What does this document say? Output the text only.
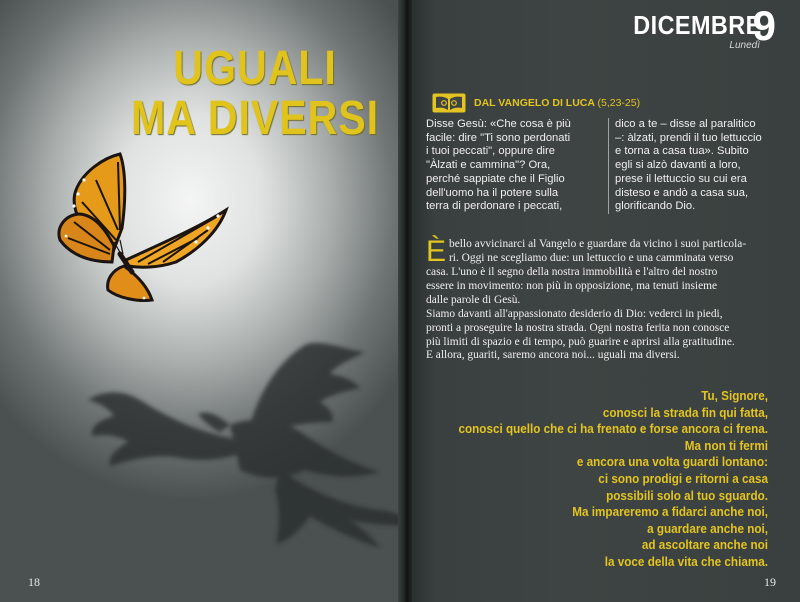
UGUALI
MA DIVERSI
18
DICEMBRE
Lunedì
9
DAL VANGELO DI LUCA (5,23-25)
Disse Gesù: «Che cosa è più
facile: dire "Ti sono perdonati
i tuoi peccati", oppure dire
"Àlzati e cammina"? Ora,
perché sappiate che il Figlio
dell'uomo ha il potere sulla
terra di perdonare i peccati,
dico a te – disse al paralitico
–: àlzati, prendi il tuo lettuccio
e torna a casa tua». Subito
egli si alzò davanti a loro,
prese il lettuccio su cui era
disteso e andò a casa sua,
glorificando Dio.
È bello avvicinarci al Vangelo e guardare da vicino i suoi particola-
ri. Oggi ne scegliamo due: un lettuccio e una camminata verso
casa. L'uno è il segno della nostra immobilità e l'altro del nostro
essere in movimento: non più in opposizione, ma tenuti insieme
dalle parole di Gesù.
Siamo davanti all'appassionato desiderio di Dio: vederci in piedi,
pronti a proseguire la nostra strada. Ogni nostra ferita non conosce
più limiti di spazio e di tempo, può guarire e aprirsi alla gratitudine.
E allora, guariti, saremo ancora noi... uguali ma diversi.
Tu, Signore,
conosci la strada fin qui fatta,
conosci quello che ci ha frenato e forse ancora ci frena.
Ma non ti fermi
e ancora una volta guardi lontano:
ci sono prodigi e ritorni a casa
possibili solo al tuo sguardo.
Ma impareremo a fidarci anche noi,
a guardare anche noi,
ad ascoltare anche noi
la voce della vita che chiama.
19
